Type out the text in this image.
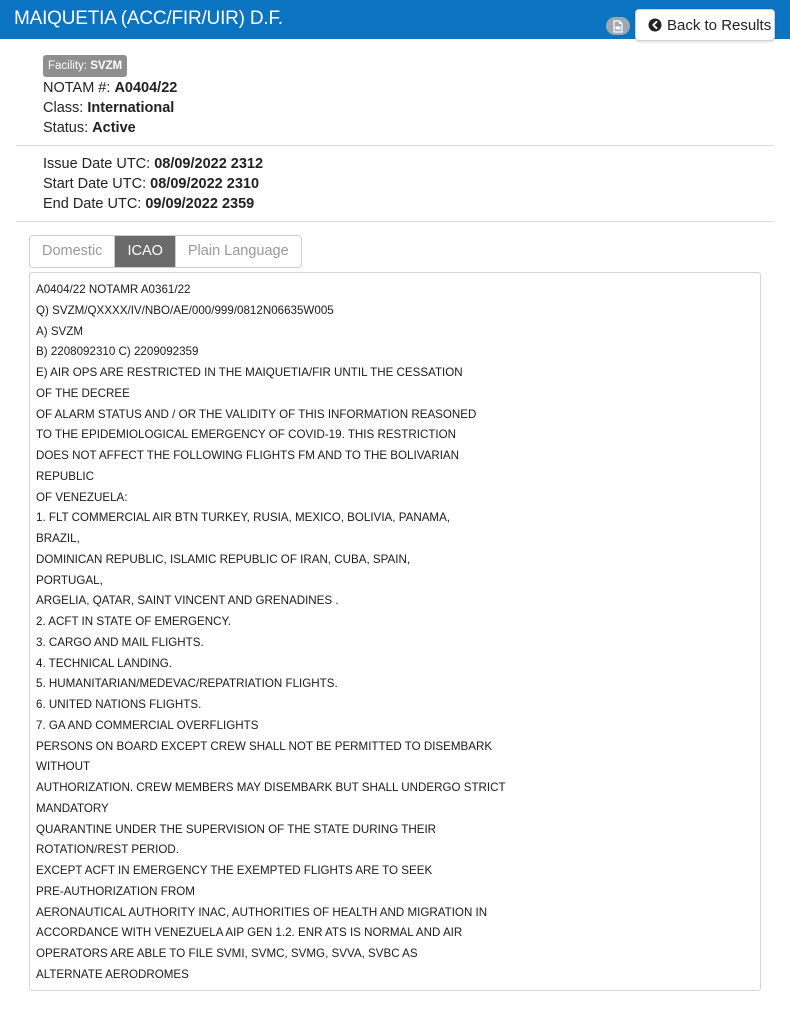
MAIQUETIA (ACC/FIR/UIR) D.F.	Back to Results
Facility: SVZM
NOTAM #: A0404/22
Class: International
Status: Active
Issue Date UTC: 08/09/2022 2312
Start Date UTC: 08/09/2022 2310
End Date UTC: 09/09/2022 2359
Domestic	ICAO	Plain Language
A0404/22 NOTAMR A0361/22
Q) SVZM/QXXXX/IV/NBO/AE/000/999/0812N06635W005
A) SVZM
B) 2208092310 C) 2209092359
E) AIR OPS ARE RESTRICTED IN THE MAIQUETIA/FIR UNTIL THE CESSATION
OF THE DECREE
OF ALARM STATUS AND / OR THE VALIDITY OF THIS INFORMATION REASONED
TO THE EPIDEMIOLOGICAL EMERGENCY OF COVID-19. THIS RESTRICTION
DOES NOT AFFECT THE FOLLOWING FLIGHTS FM AND TO THE BOLIVARIAN
REPUBLIC
OF VENEZUELA:
1. FLT COMMERCIAL AIR BTN TURKEY, RUSIA, MEXICO, BOLIVIA, PANAMA,
BRAZIL,
DOMINICAN REPUBLIC, ISLAMIC REPUBLIC OF IRAN, CUBA, SPAIN,
PORTUGAL,
ARGELIA, QATAR, SAINT VINCENT AND GRENADINES .
2. ACFT IN STATE OF EMERGENCY.
3. CARGO AND MAIL FLIGHTS.
4. TECHNICAL LANDING.
5. HUMANITARIAN/MEDEVAC/REPATRIATION FLIGHTS.
6. UNITED NATIONS FLIGHTS.
7. GA AND COMMERCIAL OVERFLIGHTS
PERSONS ON BOARD EXCEPT CREW SHALL NOT BE PERMITTED TO DISEMBARK
WITHOUT
AUTHORIZATION. CREW MEMBERS MAY DISEMBARK BUT SHALL UNDERGO STRICT
MANDATORY
QUARANTINE UNDER THE SUPERVISION OF THE STATE DURING THEIR
ROTATION/REST PERIOD.
EXCEPT ACFT IN EMERGENCY THE EXEMPTED FLIGHTS ARE TO SEEK
PRE-AUTHORIZATION FROM
AERONAUTICAL AUTHORITY INAC, AUTHORITIES OF HEALTH AND MIGRATION IN
ACCORDANCE WITH VENEZUELA AIP GEN 1.2. ENR ATS IS NORMAL AND AIR
OPERATORS ARE ABLE TO FILE SVMI, SVMC, SVMG, SVVA, SVBC AS
ALTERNATE AERODROMES
